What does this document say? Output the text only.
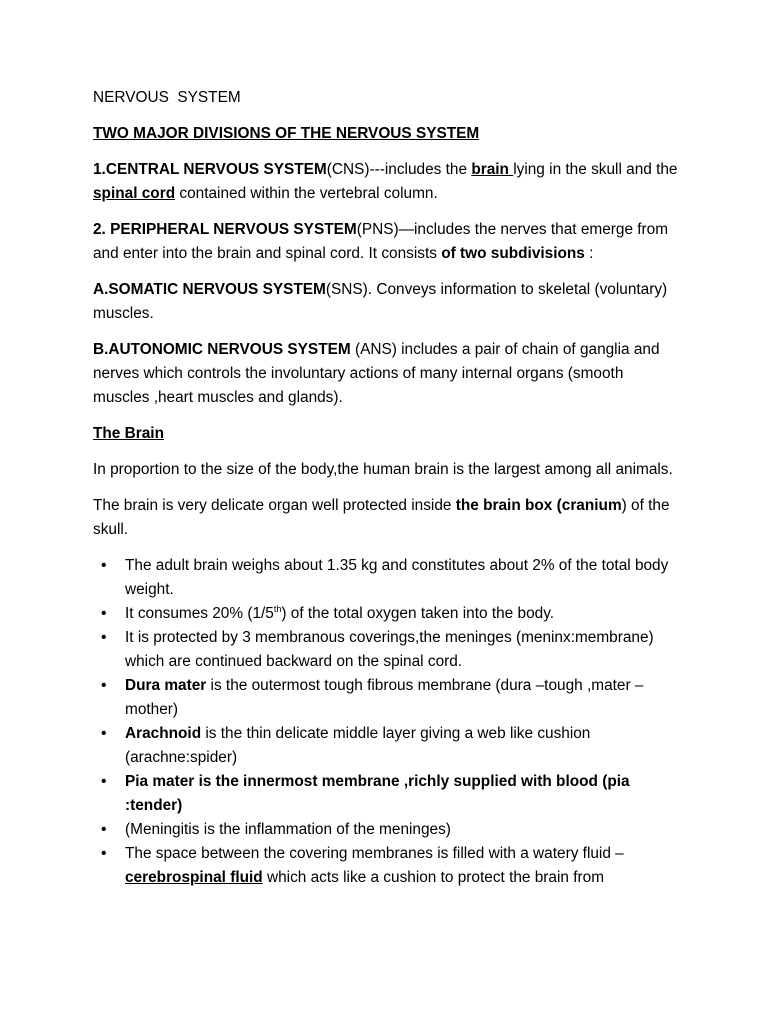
NERVOUS  SYSTEM

TWO MAJOR DIVISIONS OF THE NERVOUS SYSTEM

1.CENTRAL NERVOUS SYSTEM(CNS)---includes the brain lying in the skull and the spinal cord contained within the vertebral column.

2. PERIPHERAL NERVOUS SYSTEM(PNS)—includes the nerves that emerge from and enter into the brain and spinal cord. It consists of two subdivisions :

A.SOMATIC NERVOUS SYSTEM(SNS). Conveys information to skeletal (voluntary) muscles.

B.AUTONOMIC NERVOUS SYSTEM (ANS) includes a pair of chain of ganglia and nerves which controls the involuntary actions of many internal organs (smooth muscles ,heart muscles and glands).

The Brain

In proportion to the size of the body,the human brain is the largest among all animals.

The brain is very delicate organ well protected inside the brain box (cranium) of the skull.

• The adult brain weighs about 1.35 kg and constitutes about 2% of the total body weight.
• It consumes 20% (1/5th) of the total oxygen taken into the body.
• It is protected by 3 membranous coverings,the meninges (meninx:membrane) which are continued backward on the spinal cord.
• Dura mater is the outermost tough fibrous membrane (dura –tough ,mater –mother)
• Arachnoid is the thin delicate middle layer giving a web like cushion (arachne:spider)
• Pia mater is the innermost membrane ,richly supplied with blood (pia :tender)
• (Meningitis is the inflammation of the meninges)
• The space between the covering membranes is filled with a watery fluid – cerebrospinal fluid which acts like a cushion to protect the brain from
